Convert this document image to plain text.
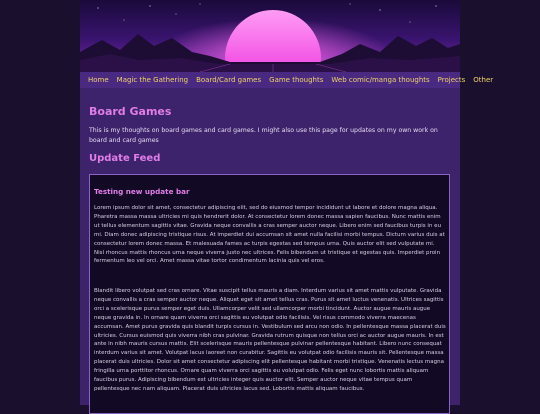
Home	Magic the Gathering	Board/Card games	Game thoughts	Web comic/manga thoughts	Projects	Other
Board Games

This is my thoughts on board games and card games. I might also use this page for updates on my own work on board and card games

Update Feed
Testing new update bar

Lorem ipsum dolor sit amet, consectetur adipiscing elit, sed do eiusmod tempor incididunt ut labore et dolore magna aliqua. Pharetra massa massa ultricies mi quis hendrerit dolor. At consectetur lorem donec massa sapien faucibus. Nunc mattis enim ut tellus elementum sagittis vitae. Gravida neque convallis a cras semper auctor neque. Libero enim sed faucibus turpis in eu mi. Diam donec adipiscing tristique risus. At imperdiet dui accumsan sit amet nulla facilisi morbi tempus. Dictum varius duis at consectetur lorem donec massa. Et malesuada fames ac turpis egestas sed tempus urna. Quis auctor elit sed vulputate mi. Nisl rhoncus mattis rhoncus urna neque viverra justo nec ultrices. Felis bibendum ut tristique et egestas quis. Imperdiet proin fermentum leo vel orci. Amet massa vitae tortor condimentum lacinia quis vel eros.

Blandit libero volutpat sed cras ornare. Vitae suscipit tellus mauris a diam. Interdum varius sit amet mattis vulputate. Gravida neque convallis a cras semper auctor neque. Aliquet eget sit amet tellus cras. Purus sit amet luctus venenatis. Ultrices sagittis orci a scelerisque purus semper eget duis. Ullamcorper velit sed ullamcorper morbi tincidunt. Auctor augue mauris augue neque gravida in. In ornare quam viverra orci sagittis eu volutpat odio facilisis. Vel risus commodo viverra maecenas accumsan. Amet purus gravida quis blandit turpis cursus in. Vestibulum sed arcu non odio. In pellentesque massa placerat duis ultricies. Cursus euismod quis viverra nibh cras pulvinar. Gravida rutrum quisque non tellus orci ac auctor augue mauris. In est ante in nibh mauris cursus mattis. Elit scelerisque mauris pellentesque pulvinar pellentesque habitant. Libero nunc consequat interdum varius sit amet. Volutpat lacus laoreet non curabitur. Sagittis eu volutpat odio facilisis mauris sit. Pellentesque massa placerat duis ultricies. Dolor sit amet consectetur adipiscing elit pellentesque habitant morbi tristique. Venenatis lectus magna fringilla urna porttitor rhoncus. Ornare quam viverra orci sagittis eu volutpat odio. Felis eget nunc lobortis mattis aliquam faucibus purus. Adipiscing bibendum est ultricies integer quis auctor elit. Semper auctor neque vitae tempus quam pellentesque nec nam aliquam. Placerat duis ultricies lacus sed. Lobortis mattis aliquam faucibus.
